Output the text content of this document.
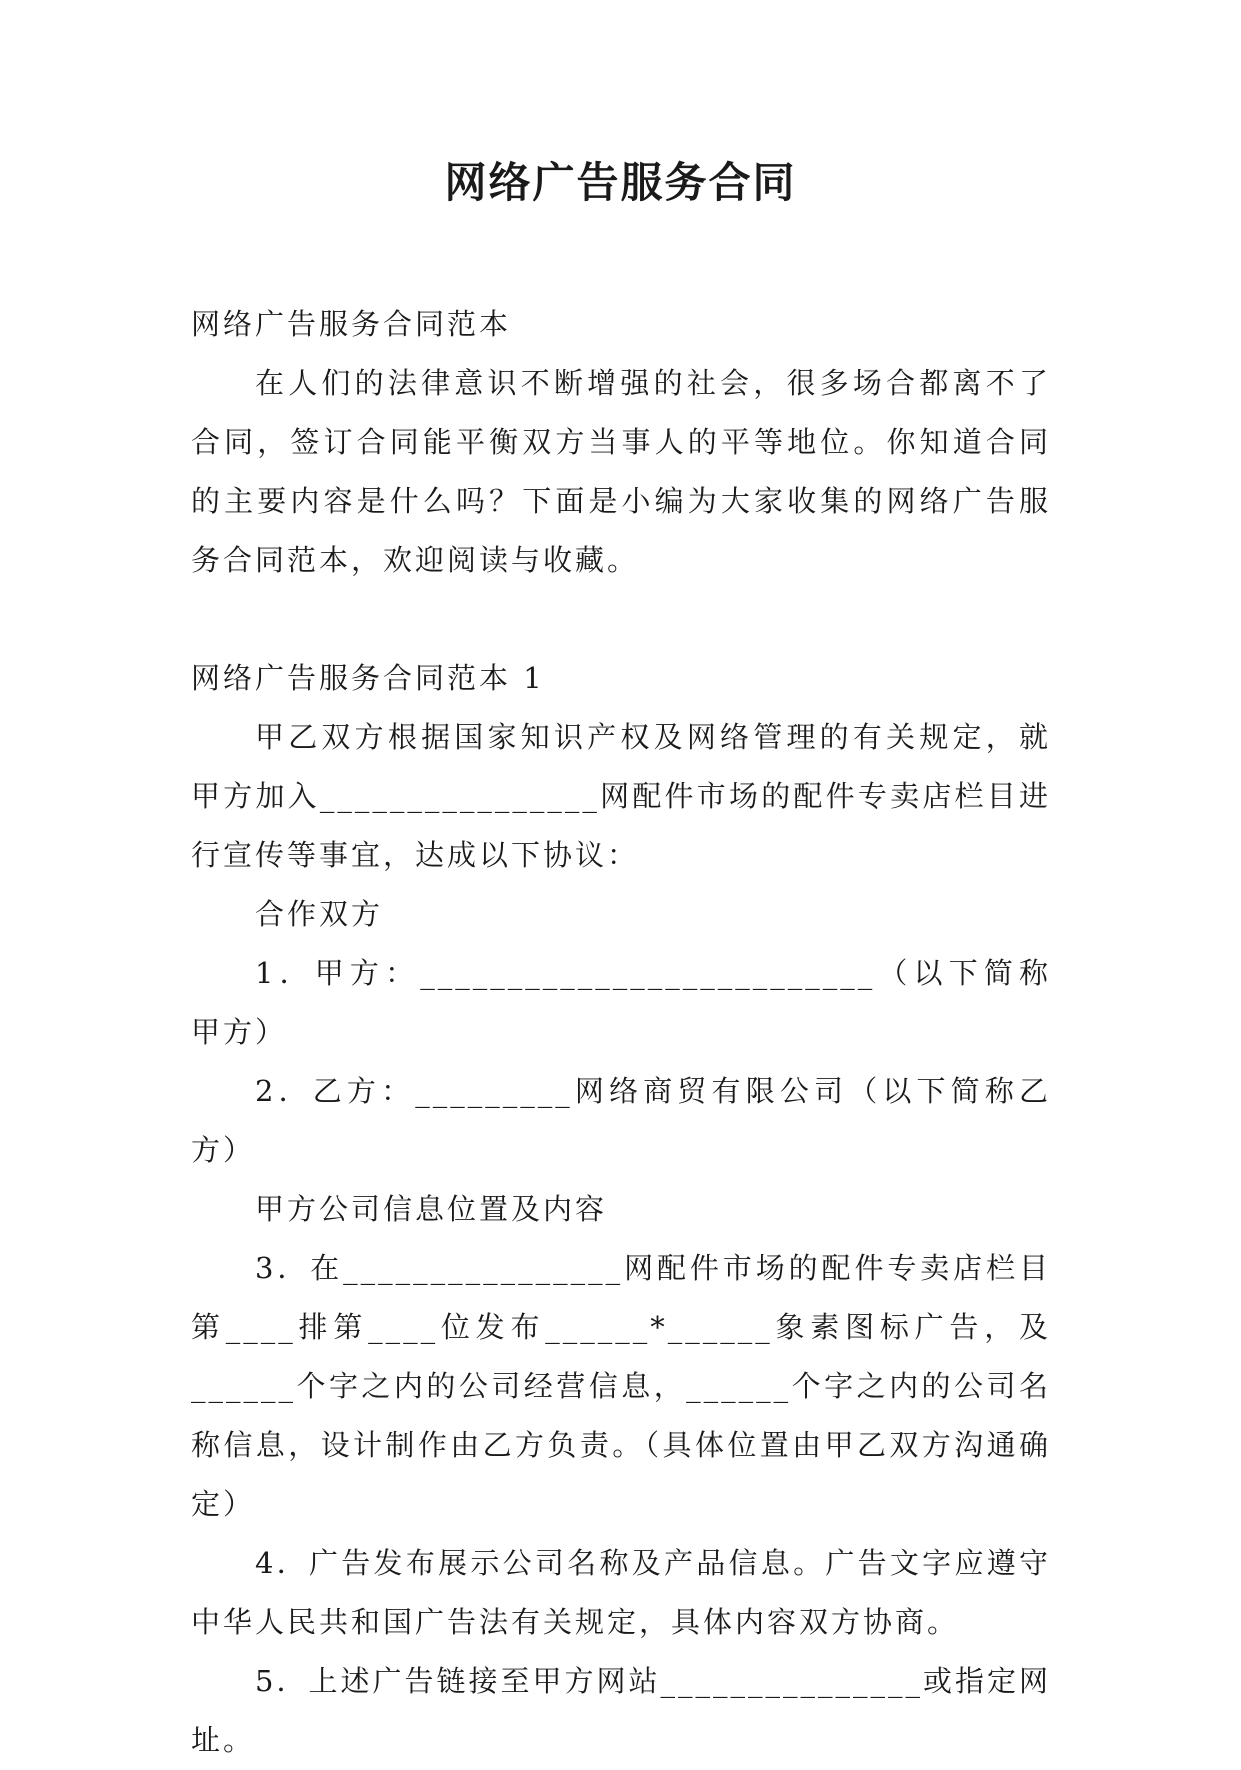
网络广告服务合同

网络广告服务合同范本

在人们的法律意识不断增强的社会，很多场合都离不了合同，签订合同能平衡双方当事人的平等地位。你知道合同的主要内容是什么吗？下面是小编为大家收集的网络广告服务合同范本，欢迎阅读与收藏。

网络广告服务合同范本 1

甲乙双方根据国家知识产权及网络管理的有关规定，就甲方加入________________网配件市场的配件专卖店栏目进行宣传等事宜，达成以下协议：

合作双方

1．甲方：__________________________（以下简称甲方）

2．乙方：_________网络商贸有限公司（以下简称乙方）

甲方公司信息位置及内容

3．在________________网配件市场的配件专卖店栏目第____排第____位发布______*______象素图标广告，及______个字之内的公司经营信息，______个字之内的公司名称信息，设计制作由乙方负责。（具体位置由甲乙双方沟通确定）

4．广告发布展示公司名称及产品信息。广告文字应遵守中华人民共和国广告法有关规定，具体内容双方协商。

5．上述广告链接至甲方网站_______________或指定网址。
